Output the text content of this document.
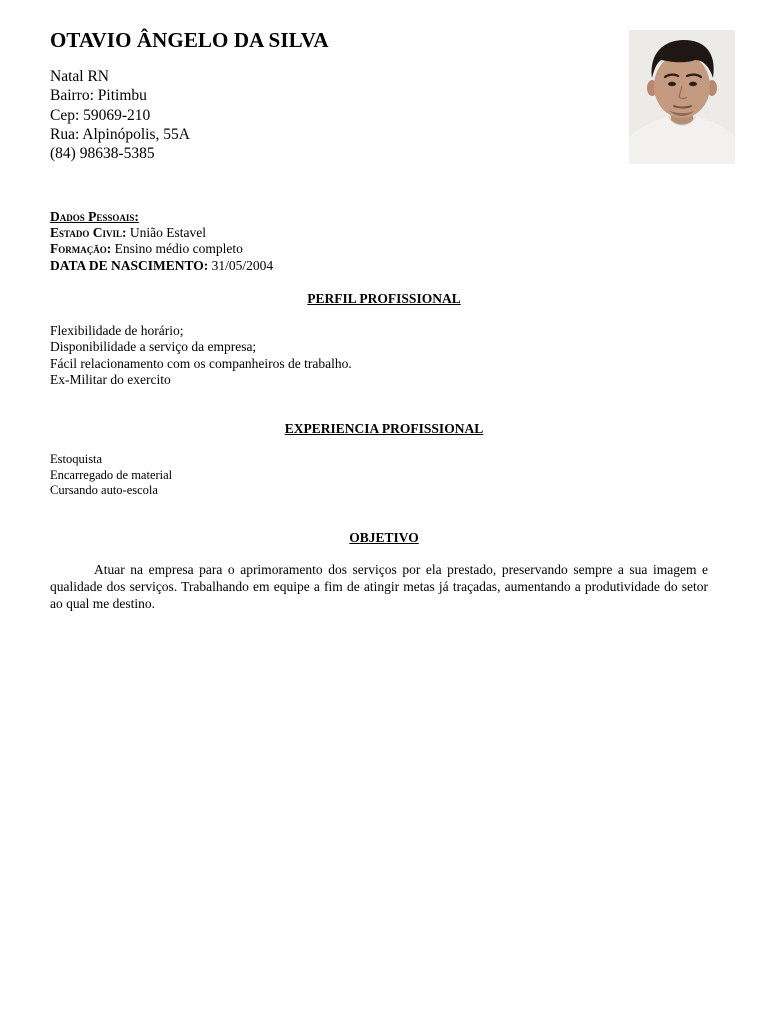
OTAVIO ÂNGELO DA SILVA
Natal RN
Bairro: Pitimbu
Cep: 59069-210
Rua: Alpinópolis, 55A
(84) 98638-5385
Dados Pessoais:
Estado Civil: União Estavel
Formação: Ensino médio completo
DATA DE NASCIMENTO: 31/05/2004
PERFIL PROFISSIONAL
Flexibilidade de horário;
Disponibilidade a serviço da empresa;
Fácil relacionamento com os companheiros de trabalho.
Ex-Militar do exercito
EXPERIENCIA PROFISSIONAL
Estoquista
Encarregado de material
Cursando auto-escola
OBJETIVO
Atuar na empresa para o aprimoramento dos serviços por ela prestado, preservando sempre a sua imagem e qualidade dos serviços. Trabalhando em equipe a fim de atingir metas já traçadas, aumentando a produtividade do setor ao qual me destino.
